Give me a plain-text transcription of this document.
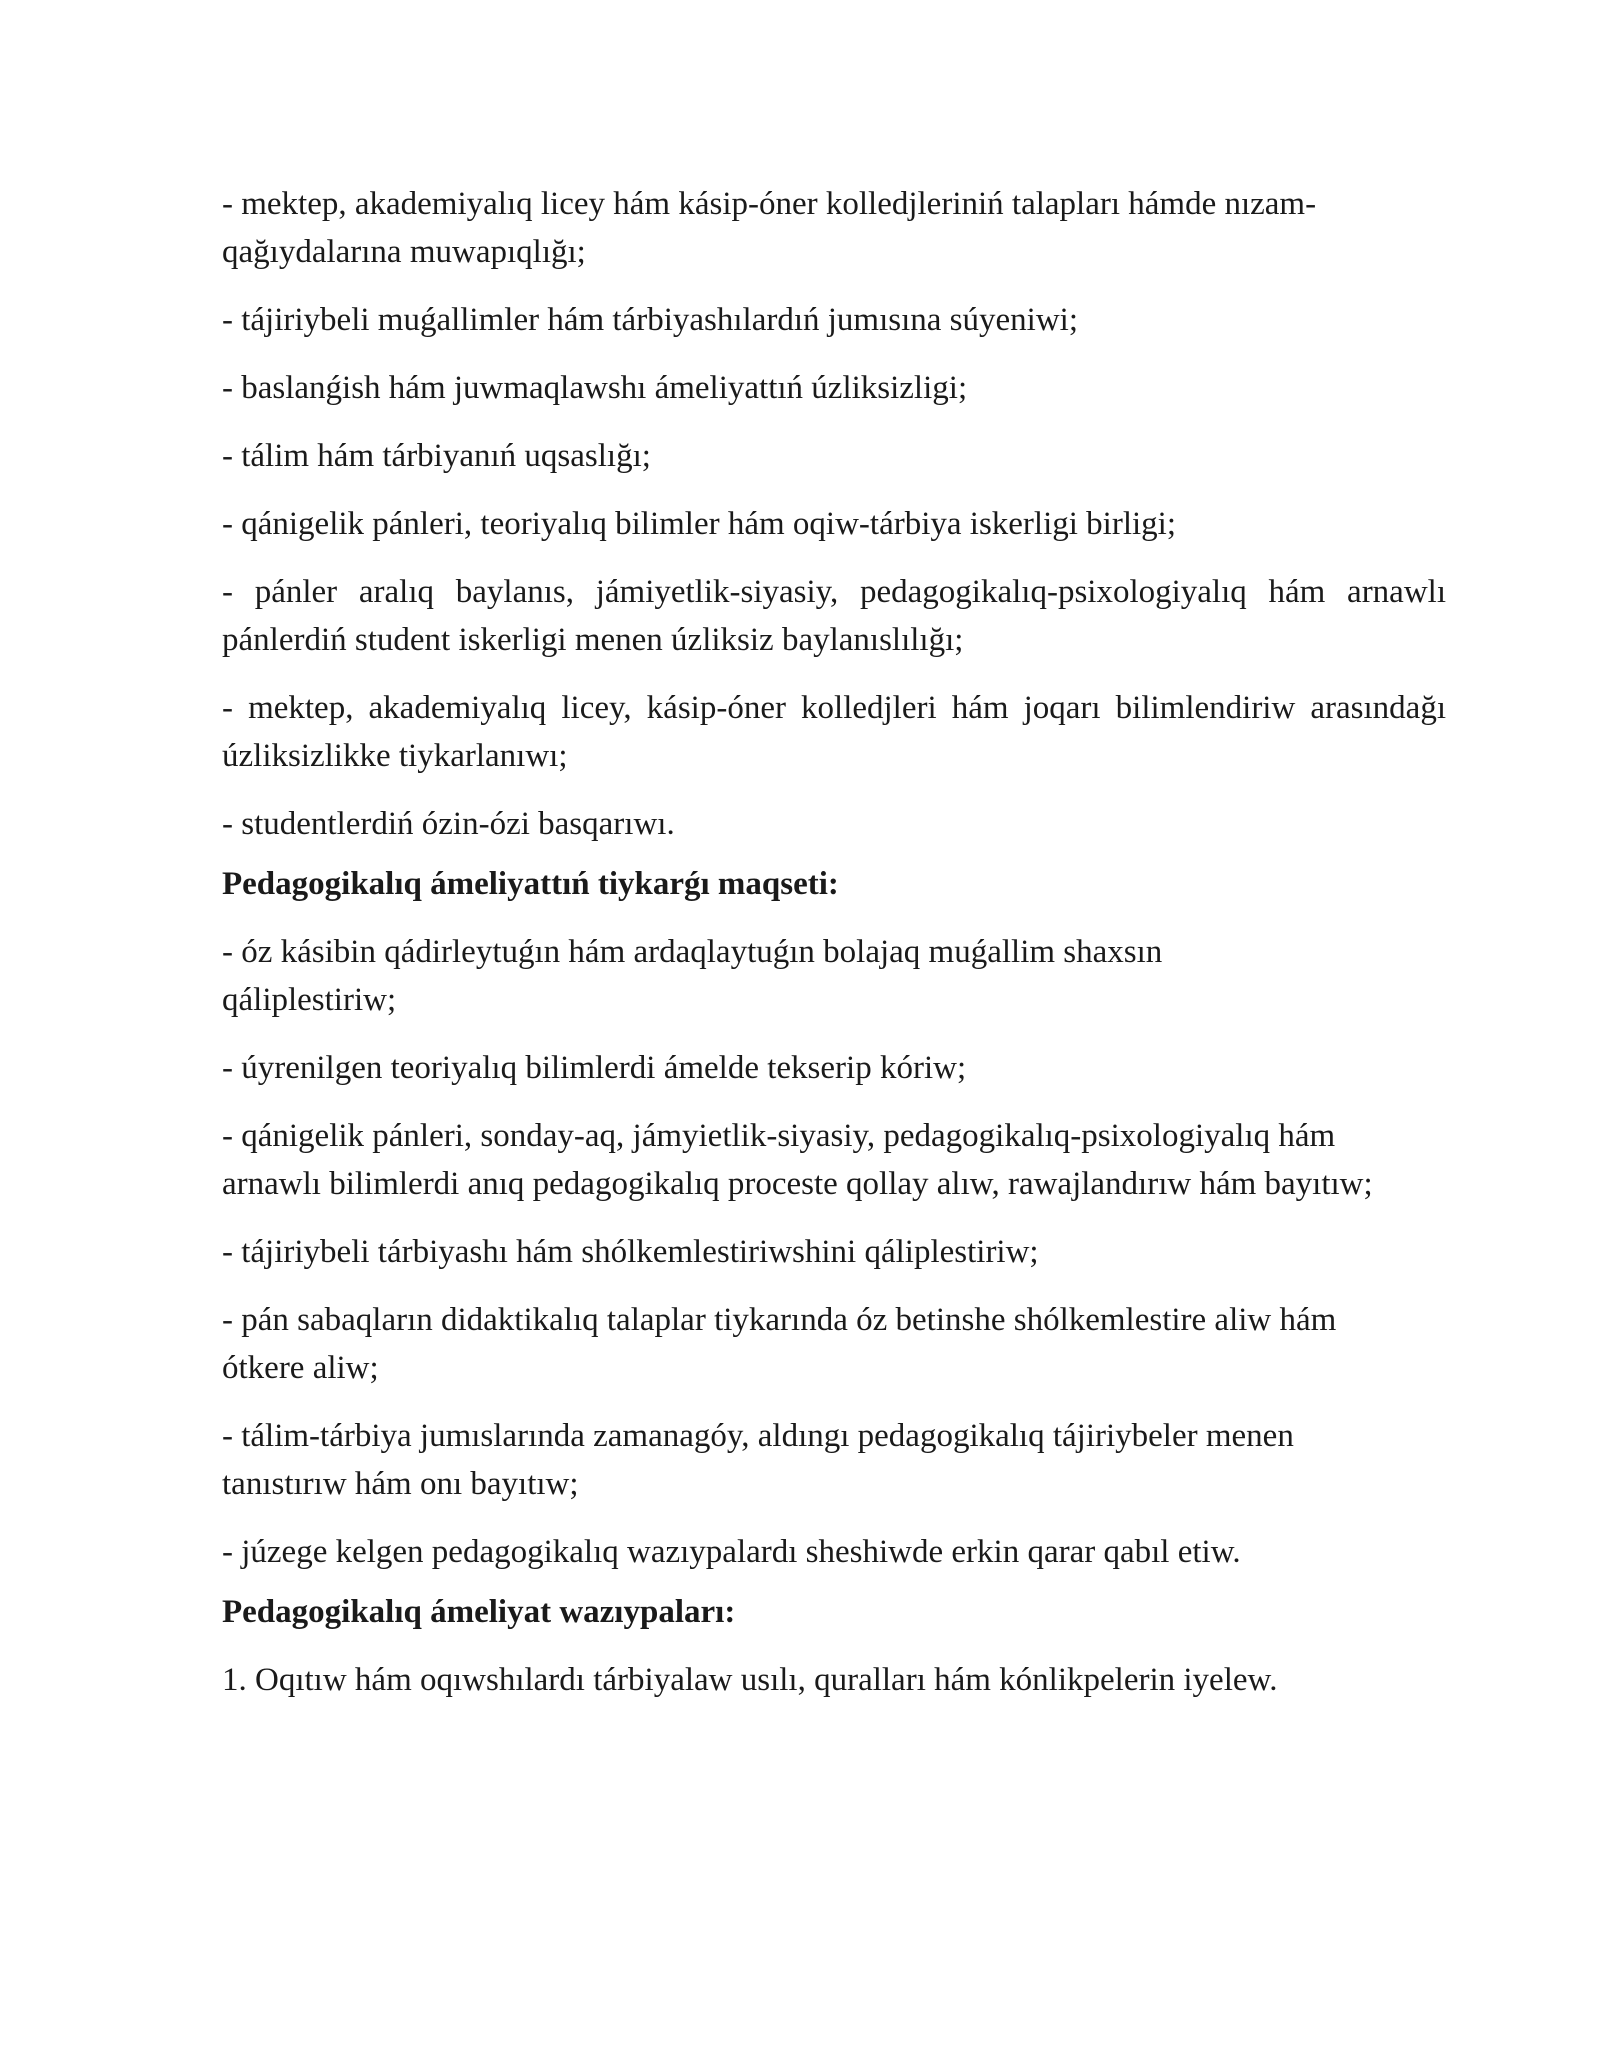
- mektep, akademiyalıq licey hám kásip-óner kolledjleriniń talapları hámde nızam-qağıydalarına muwapıqlığı;

- tájiriybeli muǵallimler hám tárbiyashılardıń jumısına súyeniwi;

- baslanǵish hám juwmaqlawshı ámeliyattıń úzliksizligi;

- tálim hám tárbiyanıń uqsaslığı;

- qánigelik pánleri, teoriyalıq bilimler hám oqiw-tárbiya iskerligi birligi;

- pánler aralıq baylanıs, jámiyetlik-siyasiy, pedagogikalıq-psixologiyalıq hám arnawlı pánlerdiń student iskerligi menen úzliksiz baylanıslılığı;

- mektep, akademiyalıq licey, kásip-óner kolledjleri hám joqarı bilimlendiriw arasındağı úzliksizlikke tiykarlanıwı;

- studentlerdiń ózin-ózi basqarıwı.

Pedagogikalıq ámeliyattıń tiykarǵı maqseti:

- óz kásibin qádirleytuǵın hám ardaqlaytuǵın bolajaq muǵallim shaxsın qáliplestiriw;

- úyrenilgen teoriyalıq bilimlerdi ámelde tekserip kóriw;

- qánigelik pánleri, sonday-aq, jámyietlik-siyasiy, pedagogikalıq-psixologiyalıq hám arnawlı bilimlerdi anıq pedagogikalıq proceste qollay alıw, rawajlandırıw hám bayıtıw;

- tájiriybeli tárbiyashı hám shólkemlestiriwshini qáliplestiriw;

- pán sabaqların didaktikalıq talaplar tiykarında óz betinshe shólkemlestire aliw hám ótkere aliw;

- tálim-tárbiya jumıslarında zamanagóy, aldıngı pedagogikalıq tájiriybeler menen tanıstırıw hám onı bayıtıw;

- júzege kelgen pedagogikalıq wazıypalardı sheshiwde erkin qarar qabıl etiw.

Pedagogikalıq ámeliyat wazıypaları:

1. Oqıtıw hám oqıwshılardı tárbiyalaw usılı, quralları hám kónlikpelerin iyelew.
